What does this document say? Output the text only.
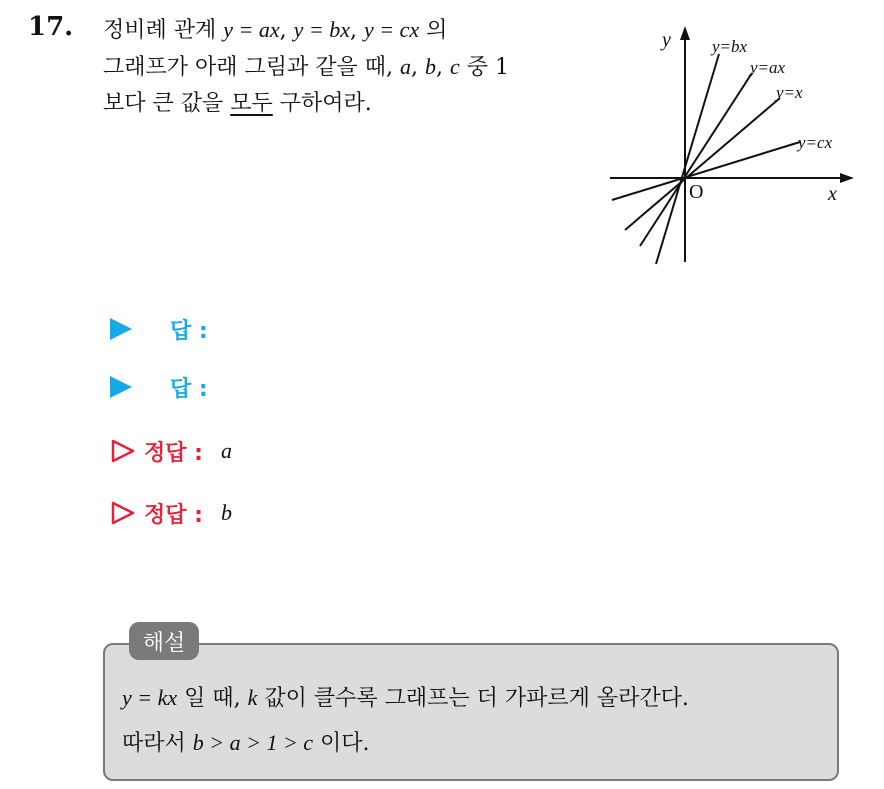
17. 정비례 관계 y = ax, y = bx, y = cx 의
그래프가 아래 그림과 같을 때, a, b, c 중 1
보다 큰 값을 모두 구하여라.
y
x
O
y=bx
y=ax
y=x
y=cx
답 :
답 :
정답 : a
정답 : b
해설
y = kx 일 때, k 값이 클수록 그래프는 더 가파르게 올라간다.
따라서 b > a > 1 > c 이다.
